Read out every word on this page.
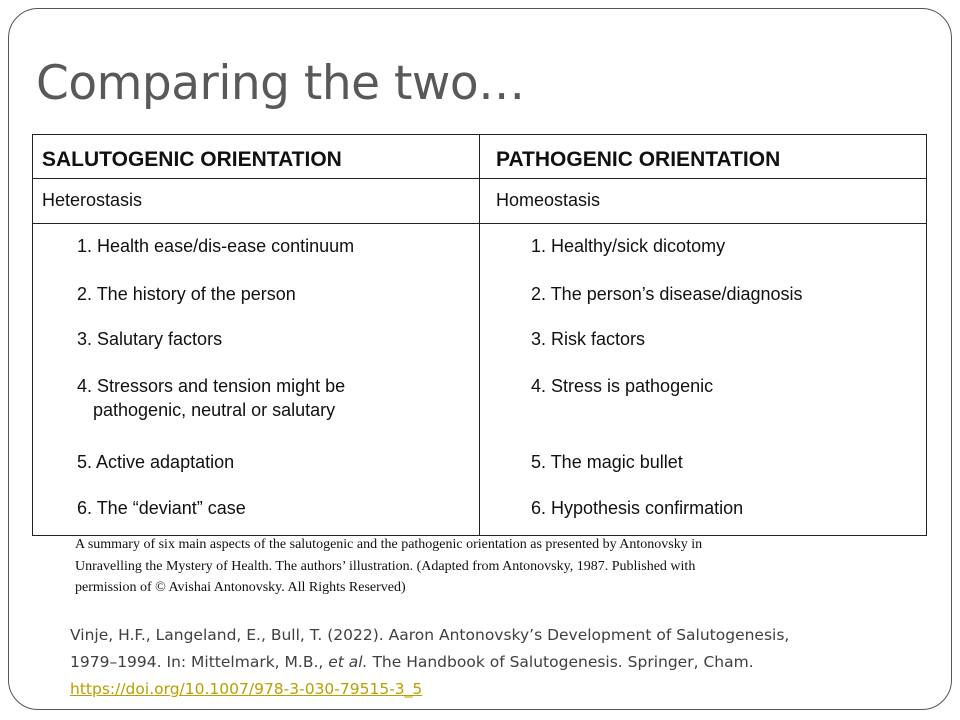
Comparing the two…
SALUTOGENIC ORIENTATION	PATHOGENIC ORIENTATION
Heterostasis	Homeostasis
1. Health ease/dis-ease continuum
2. The history of the person
3. Salutary factors
4. Stressors and tension might be
pathogenic, neutral or salutary
5. Active adaptation
6. The “deviant” case
1. Healthy/sick dicotomy
2. The person’s disease/diagnosis
3. Risk factors
4. Stress is pathogenic
5. The magic bullet
6. Hypothesis confirmation

A summary of six main aspects of the salutogenic and the pathogenic orientation as presented by Antonovsky in

Unravelling the Mystery of Health. The authors’ illustration. (Adapted from Antonovsky, 1987. Published with

permission of © Avishai Antonovsky. All Rights Reserved)

Vinje, H.F., Langeland, E., Bull, T. (2022). Aaron Antonovsky’s Development of Salutogenesis,

1979–1994. In: Mittelmark, M.B., et al. The Handbook of Salutogenesis. Springer, Cham.

https://doi.org/10.1007/978-3-030-79515-3_5
